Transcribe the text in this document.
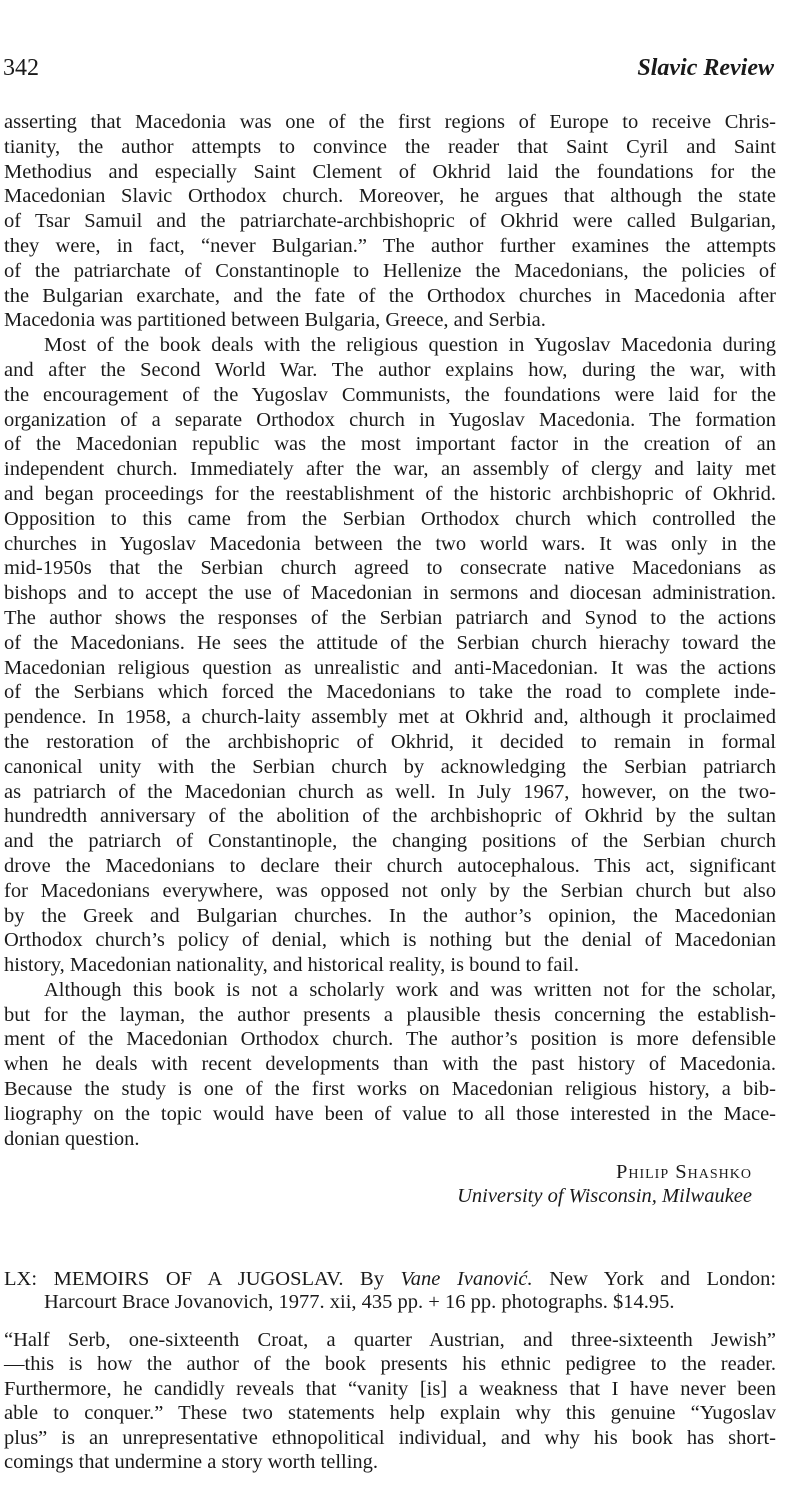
342	Slavic Review
asserting that Macedonia was one of the first regions of Europe to receive Chris-
tianity, the author attempts to convince the reader that Saint Cyril and Saint
Methodius and especially Saint Clement of Okhrid laid the foundations for the
Macedonian Slavic Orthodox church. Moreover, he argues that although the state
of Tsar Samuil and the patriarchate-archbishopric of Okhrid were called Bulgarian,
they were, in fact, “never Bulgarian.” The author further examines the attempts
of the patriarchate of Constantinople to Hellenize the Macedonians, the policies of
the Bulgarian exarchate, and the fate of the Orthodox churches in Macedonia after
Macedonia was partitioned between Bulgaria, Greece, and Serbia.
Most of the book deals with the religious question in Yugoslav Macedonia during
and after the Second World War. The author explains how, during the war, with
the encouragement of the Yugoslav Communists, the foundations were laid for the
organization of a separate Orthodox church in Yugoslav Macedonia. The formation
of the Macedonian republic was the most important factor in the creation of an
independent church. Immediately after the war, an assembly of clergy and laity met
and began proceedings for the reestablishment of the historic archbishopric of Okhrid.
Opposition to this came from the Serbian Orthodox church which controlled the
churches in Yugoslav Macedonia between the two world wars. It was only in the
mid-1950s that the Serbian church agreed to consecrate native Macedonians as
bishops and to accept the use of Macedonian in sermons and diocesan administration.
The author shows the responses of the Serbian patriarch and Synod to the actions
of the Macedonians. He sees the attitude of the Serbian church hierachy toward the
Macedonian religious question as unrealistic and anti-Macedonian. It was the actions
of the Serbians which forced the Macedonians to take the road to complete inde-
pendence. In 1958, a church-laity assembly met at Okhrid and, although it proclaimed
the restoration of the archbishopric of Okhrid, it decided to remain in formal
canonical unity with the Serbian church by acknowledging the Serbian patriarch
as patriarch of the Macedonian church as well. In July 1967, however, on the two-
hundredth anniversary of the abolition of the archbishopric of Okhrid by the sultan
and the patriarch of Constantinople, the changing positions of the Serbian church
drove the Macedonians to declare their church autocephalous. This act, significant
for Macedonians everywhere, was opposed not only by the Serbian church but also
by the Greek and Bulgarian churches. In the author’s opinion, the Macedonian
Orthodox church’s policy of denial, which is nothing but the denial of Macedonian
history, Macedonian nationality, and historical reality, is bound to fail.
Although this book is not a scholarly work and was written not for the scholar,
but for the layman, the author presents a plausible thesis concerning the establish-
ment of the Macedonian Orthodox church. The author’s position is more defensible
when he deals with recent developments than with the past history of Macedonia.
Because the study is one of the first works on Macedonian religious history, a bib-
liography on the topic would have been of value to all those interested in the Mace-
donian question.
Philip Shashko
University of Wisconsin, Milwaukee
LX: MEMOIRS OF A JUGOSLAV. By Vane Ivanović. New York and London:
Harcourt Brace Jovanovich, 1977. xii, 435 pp. + 16 pp. photographs. $14.95.
“Half Serb, one-sixteenth Croat, a quarter Austrian, and three-sixteenth Jewish”
—this is how the author of the book presents his ethnic pedigree to the reader.
Furthermore, he candidly reveals that “vanity [is] a weakness that I have never been
able to conquer.” These two statements help explain why this genuine “Yugoslav
plus” is an unrepresentative ethnopolitical individual, and why his book has short-
comings that undermine a story worth telling.
